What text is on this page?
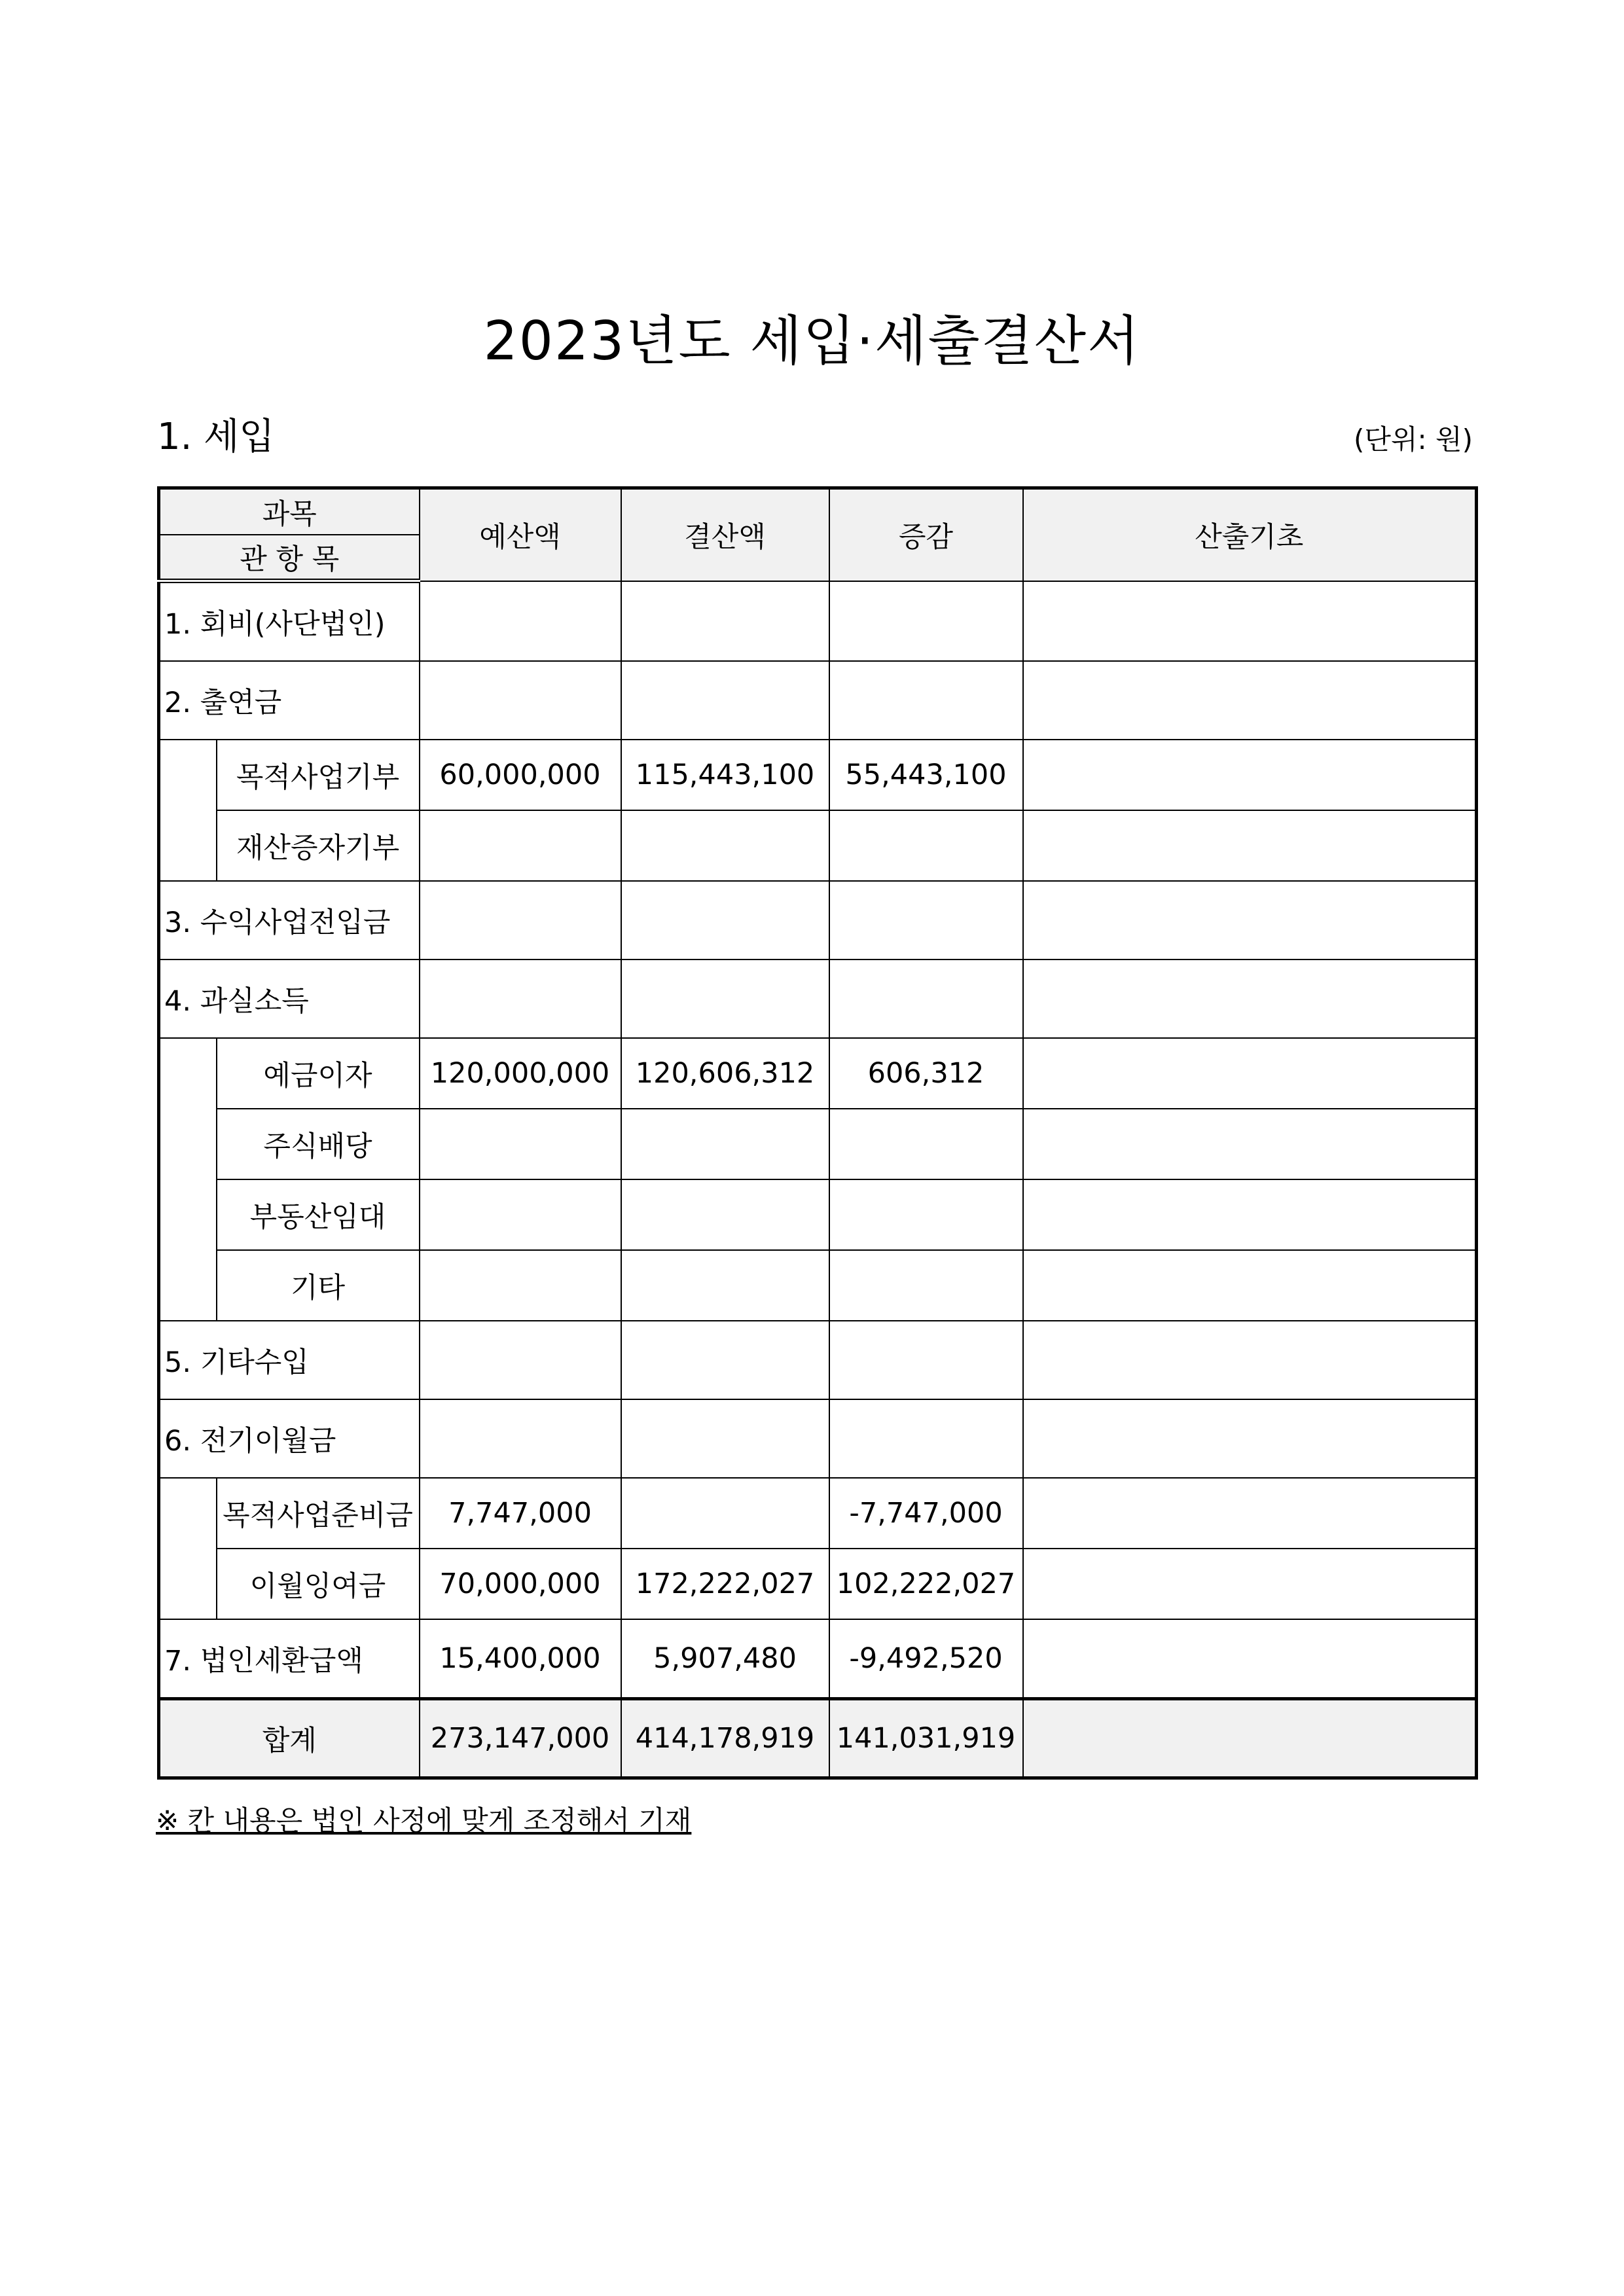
2023년도 세입·세출결산서
1. 세입	(단위: 원)
과목		예산액	결산액	증감	산출기초
관 항 목					
1. 회비(사단법인)					
2. 출연금					
	목적사업기부	60,000,000	115,443,100	55,443,100	
	재산증자기부				
3. 수익사업전입금					
4. 과실소득					
	예금이자	120,000,000	120,606,312	606,312	
	주식배당				
	부동산임대				
	기타				
5. 기타수입					
6. 전기이월금					
	목적사업준비금	7,747,000		-7,747,000	
	이월잉여금	70,000,000	172,222,027	102,222,027	
7. 법인세환급액		15,400,000	5,907,480	-9,492,520	
합계		273,147,000	414,178,919	141,031,919	
※ 칸 내용은 법인 사정에 맞게 조정해서 기재
